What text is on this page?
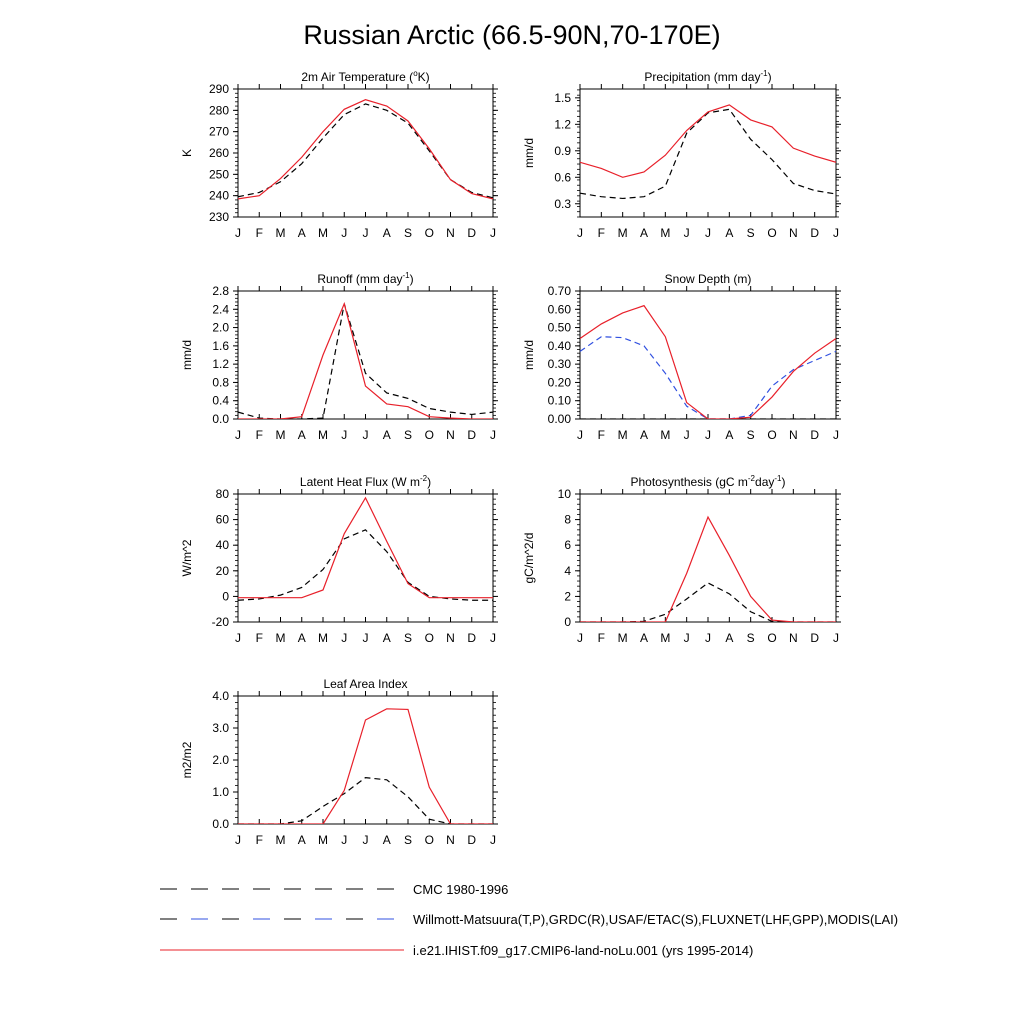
Russian Arctic (66.5-90N,70-170E)
2m Air Temperature ($^o$K)
J F M A M J J A S O N D J
230
240
250
260
270
280
290
K
Precipitation (mm day$^{-1}$)
J F M A M J J A S O N D J
0.3
0.6
0.9
1.2
1.5
mm/d
Runoff (mm day$^{-1}$)
J F M A M J J A S O N D J
0.0
0.4
0.8
1.2
1.6
2.0
2.4
2.8
mm/d
Snow Depth (m)
J F M A M J J A S O N D J
0.00
0.10
0.20
0.30
0.40
0.50
0.60
0.70
mm/d
Latent Heat Flux (W $m^{-2}$)
J F M A M J J A S O N D J
-20
0
20
40
60
80
W/m^2
Photosynthesis (gC $m^{-2}day^{-1}$)
J F M A M J J A S O N D J
0
2
4
6
8
10
gC/m^2/d
Leaf Area Index
J F M A M J J A S O N D J
0.0
1.0
2.0
3.0
4.0
m2/m2
CMC 1980-1996
Willmott-Matsuura(T,P),GRDC(R),USAF/ETAC(S),FLUXNET(LHF,GPP),MODIS(LAI)
i.e21.IHIST.f09_g17.CMIP6-land-noLu.001 (yrs 1995-2014)
